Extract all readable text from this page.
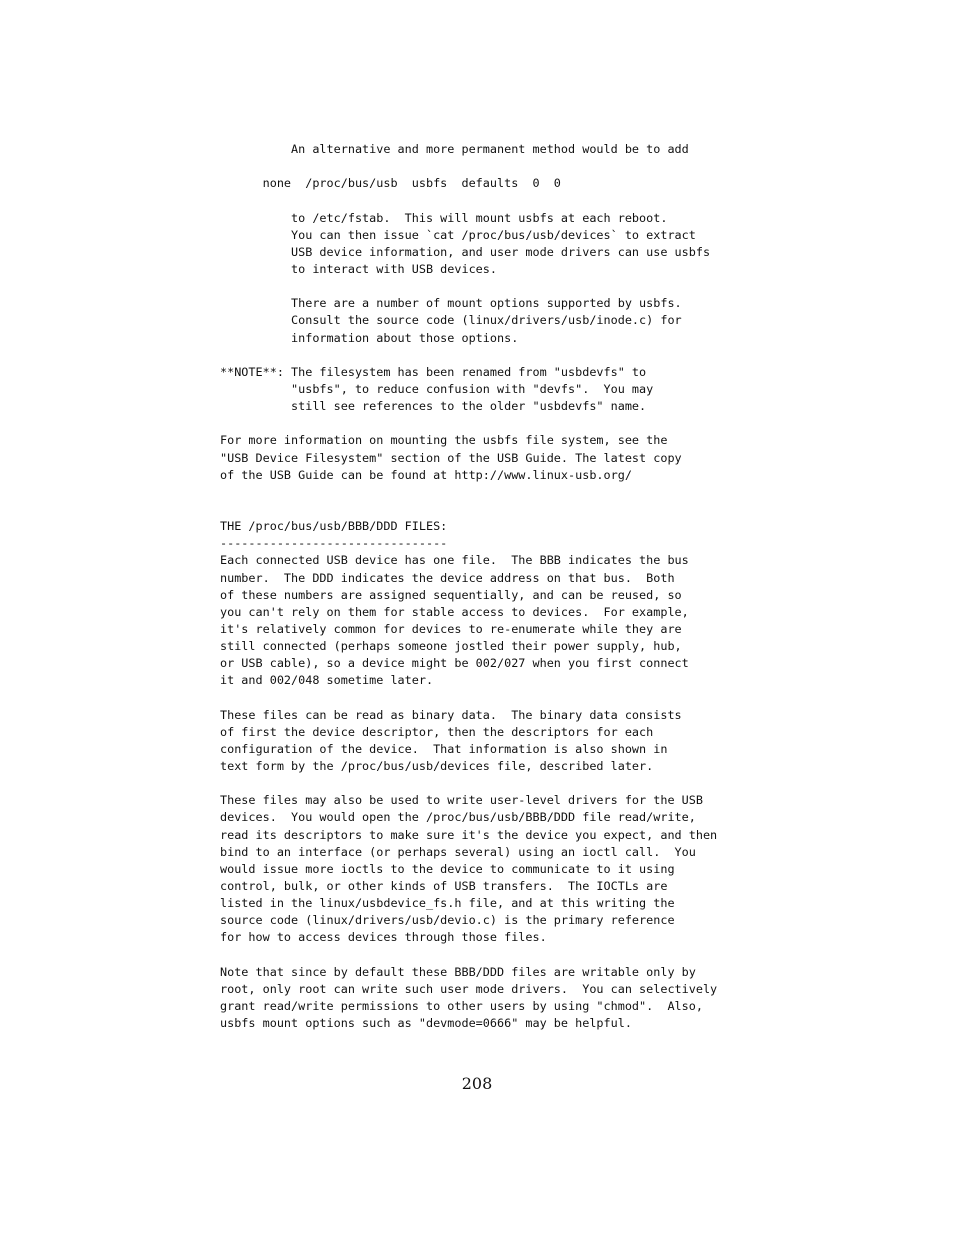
An alternative and more permanent method would be to add
none  /proc/bus/usb  usbfs  defaults  0  0
to /etc/fstab.  This will mount usbfs at each reboot.
You can then issue `cat /proc/bus/usb/devices` to extract
USB device information, and user mode drivers can use usbfs
to interact with USB devices.
There are a number of mount options supported by usbfs.
Consult the source code (linux/drivers/usb/inode.c) for
information about those options.
**NOTE**: The filesystem has been renamed from "usbdevfs" to
"usbfs", to reduce confusion with "devfs".  You may
still see references to the older "usbdevfs" name.
For more information on mounting the usbfs file system, see the
"USB Device Filesystem" section of the USB Guide. The latest copy
of the USB Guide can be found at http://www.linux-usb.org/
THE /proc/bus/usb/BBB/DDD FILES:
--------------------------------
Each connected USB device has one file.  The BBB indicates the bus
number.  The DDD indicates the device address on that bus.  Both
of these numbers are assigned sequentially, and can be reused, so
you can't rely on them for stable access to devices.  For example,
it's relatively common for devices to re-enumerate while they are
still connected (perhaps someone jostled their power supply, hub,
or USB cable), so a device might be 002/027 when you first connect
it and 002/048 sometime later.
These files can be read as binary data.  The binary data consists
of first the device descriptor, then the descriptors for each
configuration of the device.  That information is also shown in
text form by the /proc/bus/usb/devices file, described later.
These files may also be used to write user-level drivers for the USB
devices.  You would open the /proc/bus/usb/BBB/DDD file read/write,
read its descriptors to make sure it's the device you expect, and then
bind to an interface (or perhaps several) using an ioctl call.  You
would issue more ioctls to the device to communicate to it using
control, bulk, or other kinds of USB transfers.  The IOCTLs are
listed in the linux/usbdevice_fs.h file, and at this writing the
source code (linux/drivers/usb/devio.c) is the primary reference
for how to access devices through those files.
Note that since by default these BBB/DDD files are writable only by
root, only root can write such user mode drivers.  You can selectively
grant read/write permissions to other users by using "chmod".  Also,
usbfs mount options such as "devmode=0666" may be helpful.
208
